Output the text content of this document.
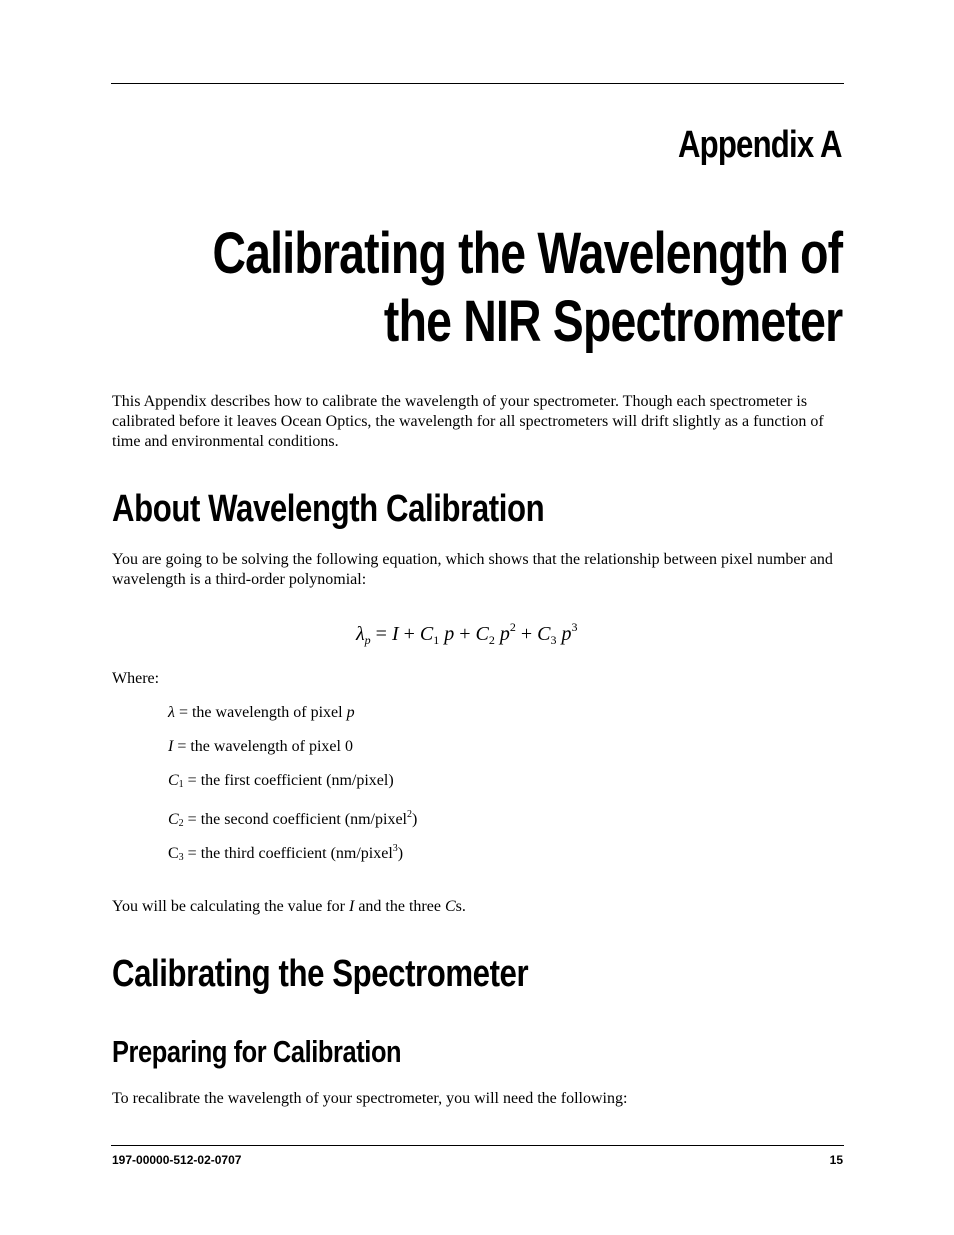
Appendix A
Calibrating the Wavelength of
the NIR Spectrometer

This Appendix describes how to calibrate the wavelength of your spectrometer. Though each spectrometer is calibrated before it leaves Ocean Optics, the wavelength for all spectrometers will drift slightly as a function of time and environmental conditions.

About Wavelength Calibration

You are going to be solving the following equation, which shows that the relationship between pixel number and wavelength is a third-order polynomial:

$\lambda_p = I + C_1$ $p + C_2$ $p^2 + C_3$ $p^3$

Where:

λ = the wavelength of pixel p
I = the wavelength of pixel 0
$C_1$ = the first coefficient (nm/pixel)
$C_2$ = the second coefficient (nm/pixel$^2$)
$C_3$ = the third coefficient (nm/pixel$^3$)

You will be calculating the value for I and the three Cs.

Calibrating the Spectrometer
Preparing for Calibration

To recalibrate the wavelength of your spectrometer, you will need the following:

197-00000-512-02-0707	15
